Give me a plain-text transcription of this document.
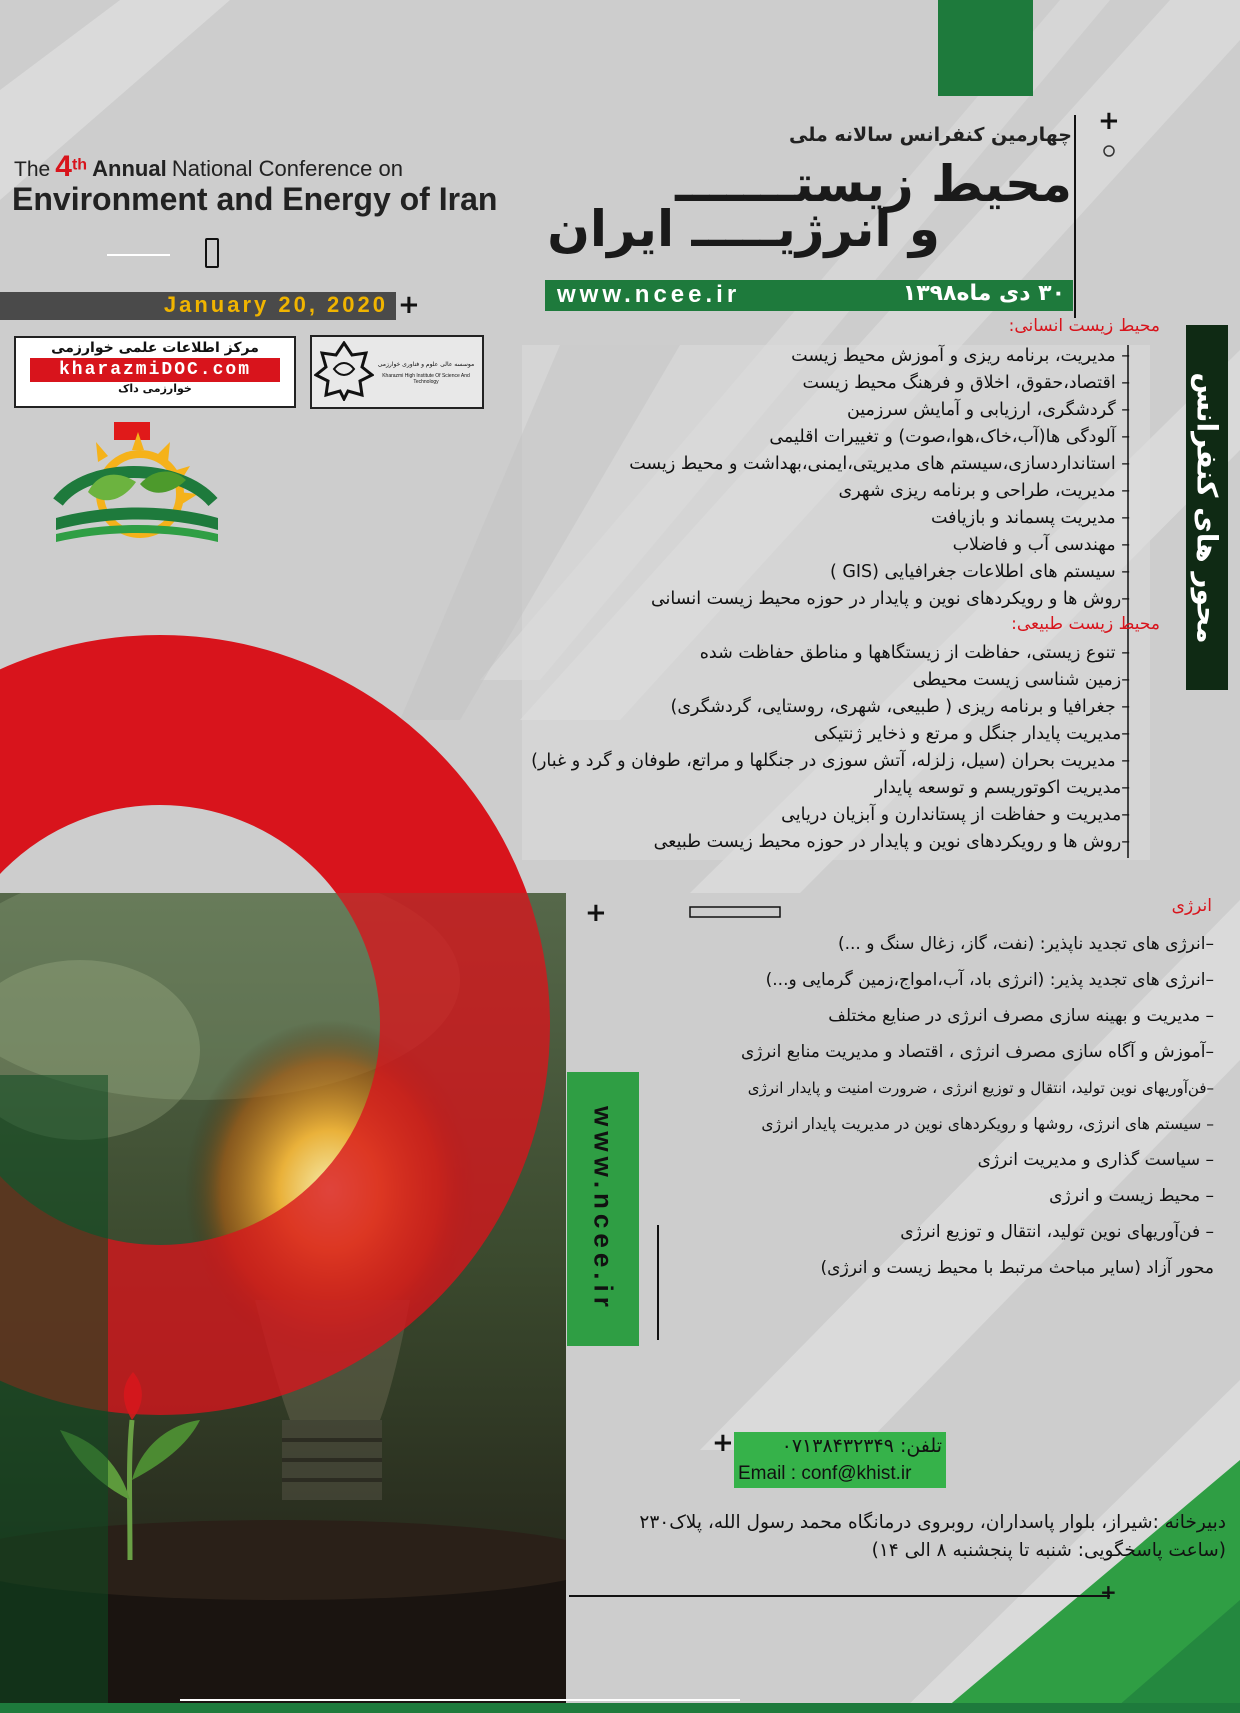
چهارمین کنفرانس سالانه ملی
The 4th Annual National Conference on
Environment and Energy of Iran	محیط زیستـــــــ
و انرژیـــــ ایران
www.ncee.ir	۳۰ دی ماه۱۳۹۸
January 20, 2020 +
+
مرکز اطلاعات علمی خوارزمی
kharazmiDOC.com
خوارزمی داک
موسسه عالی علوم و فناوری خوارزمی
Kharazmi High Institute Of Science And Technology	محور های کنفرانس
www.ncee.ir
محیط زیست انسانی:
– مدیریت، برنامه ریزی و آموزش محیط زیست
– اقتصاد،حقوق، اخلاق و فرهنگ محیط زیست
– گردشگری، ارزیابی و آمایش سرزمین
– آلودگی ها(آب،خاک،هوا،صوت) و تغییرات اقلیمی
– استانداردسازی،سیستم های مدیریتی،ایمنی،بهداشت و محیط زیست
– مدیریت، طراحی و برنامه ریزی شهری
– مدیریت پسماند و بازیافت
– مهندسی آب و فاضلاب
– سیستم های اطلاعات جغرافیایی (GIS )
–روش ها و رویکردهای نوین و پایدار در حوزه محیط زیست انسانی
محیط زیست طبیعی:
– تنوع زیستی، حفاظت از زیستگاهها و مناطق حفاظت شده
–زمین شناسی زیست محیطی
– جغرافیا و برنامه ریزی ( طبیعی، شهری، روستایی، گردشگری)
–مدیریت پایدار جنگل و مرتع و ذخایر ژنتیکی
– مدیریت بحران (سیل، زلزله، آتش سوزی در جنگلها و مراتع، طوفان و گرد و غبار)
–مدیریت اکوتوریسم و توسعه پایدار
–مدیریت و حفاظت از پستاندارن و آبزیان دریایی
–روش ها و رویکردهای نوین و پایدار در حوزه محیط زیست طبیعی
+	انرژی
–انرژی های تجدید ناپذیر: (نفت، گاز، زغال سنگ و ...)
–انرژی های تجدید پذیر: (انرژی باد، آب،امواج،زمین گرمایی و...)
– مدیریت و بهینه سازی مصرف انرژی در صنایع مختلف
–آموزش و آگاه سازی مصرف انرژی ، اقتصاد و مدیریت منابع انرژی
–فن‌آوریهای نوین تولید، انتقال و توزیع انرژی ، ضرورت امنیت و پایدار انرژی
– سیستم های انرژی، روشها و رویکردهای نوین در مدیریت پایدار انرژی
– سیاست گذاری و مدیریت انرژی
– محیط زیست و انرژی
– فن‌آوریهای نوین تولید، انتقال و توزیع انرژی
محور آزاد (سایر مباحث مرتبط با محیط زیست و انرژی)
+	تلفن: ۰۷۱۳۸۴۳۲۳۴۹
Email : conf@khist.ir
دبیرخانه :شیراز، بلوار پاسداران، روبروی درمانگاه محمد رسول الله، پلاک۲۳۰
(ساعت پاسخگویی: شنبه تا پنجشنبه ۸ الی ۱۴)
+
